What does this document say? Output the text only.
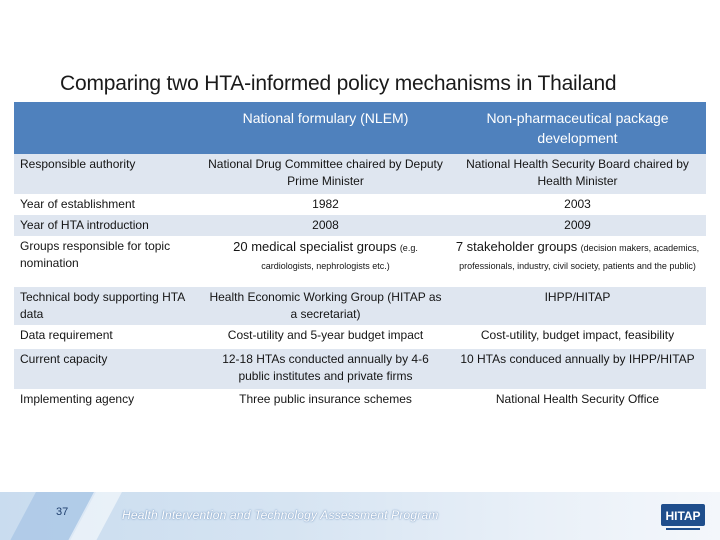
Comparing two HTA-informed policy mechanisms in Thailand
	National formulary (NLEM)	Non-pharmaceutical package development
Responsible authority	National Drug Committee chaired by Deputy Prime Minister	National Health Security Board chaired by Health Minister
Year of establishment	1982	2003
Year of HTA introduction	2008	2009
Groups responsible for topic nomination	20 medical specialist groups (e.g. cardiologists, nephrologists etc.)	7 stakeholder groups (decision makers, academics, professionals, industry, civil society, patients and the public)
Technical body supporting HTA data	Health Economic Working Group (HITAP as a secretariat)	IHPP/HITAP
Data requirement	Cost-utility and 5-year budget impact	Cost-utility, budget impact, feasibility
Current capacity	12-18 HTAs conducted annually by 4-6 public institutes and private firms	10 HTAs conduced annually by IHPP/HITAP
Implementing agency	Three public insurance schemes	National Health Security Office
37	Health Intervention and Technology Assessment Program	HITAP
